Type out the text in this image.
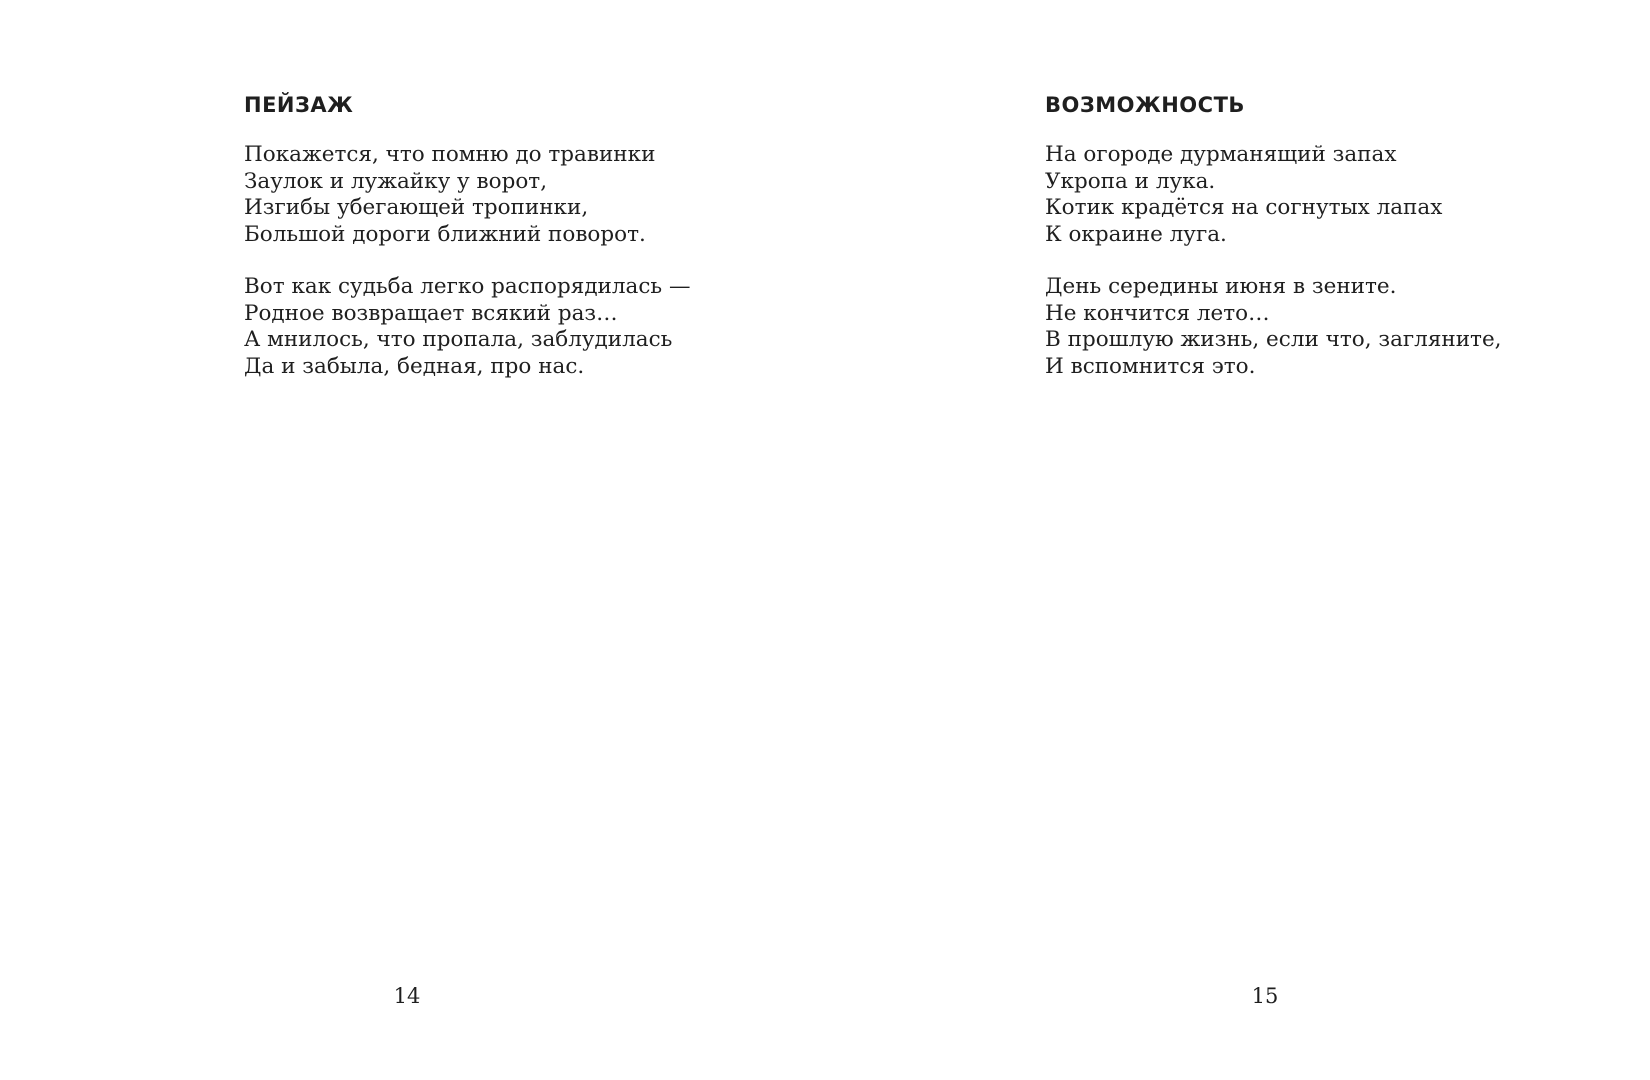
ПЕЙЗАЖ
Покажется, что помню до травинки
Заулок и лужайку у ворот,
Изгибы убегающей тропинки,
Большой дороги ближний поворот.
Вот как судьба легко распорядилась —
Родное возвращает всякий раз…
А мнилось, что пропала, заблудилась
Да и забыла, бедная, про нас.
14
ВОЗМОЖНОСТЬ
На огороде дурманящий запах
Укропа и лука.
Котик крадётся на согнутых лапах
К окраине луга.
День середины июня в зените.
Не кончится лето…
В прошлую жизнь, если что, загляните,
И вспомнится это.
15
